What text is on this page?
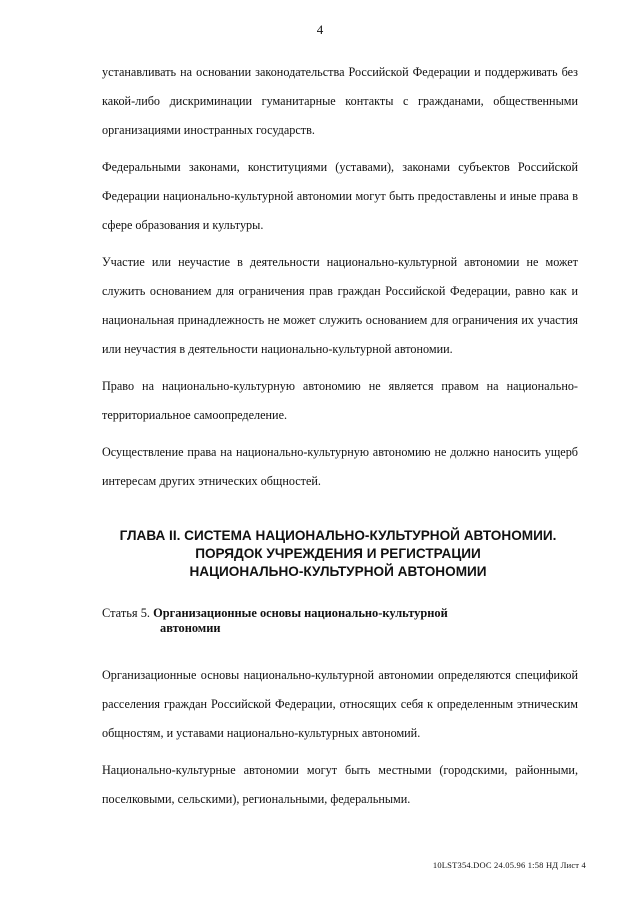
4

устанавливать на основании законодательства Российской Федерации и поддерживать без какой-либо дискриминации гуманитарные контакты с гражданами, общественными организациями иностранных государств.

Федеральными законами, конституциями (уставами), законами субъектов Российской Федерации национально-культурной автономии могут быть предоставлены и иные права в сфере образования и культуры.

Участие или неучастие в деятельности национально-культурной автономии не может служить основанием для ограничения прав граждан Российской Федерации, равно как и национальная принадлежность не может служить основанием для ограничения их участия или неучастия в деятельности национально-культурной автономии.

Право на национально-культурную автономию не является правом на национально-территориальное самоопределение.

Осуществление права на национально-культурную автономию не должно наносить ущерб интересам других этнических общностей.

ГЛАВА II. СИСТЕМА НАЦИОНАЛЬНО-КУЛЬТУРНОЙ АВТОНОМИИ.
ПОРЯДОК УЧРЕЖДЕНИЯ И РЕГИСТРАЦИИ
НАЦИОНАЛЬНО-КУЛЬТУРНОЙ АВТОНОМИИ
Статья 5. Организационные основы национально-культурной
автономии

Организационные основы национально-культурной автономии определяются спецификой расселения граждан Российской Федерации, относящих себя к определенным этническим общностям, и уставами национально-культурных автономий.

Национально-культурные автономии могут быть местными (городскими, районными, поселковыми, сельскими), региональными, федеральными.

10LST354.DOC 24.05.96 1:58 НД Лист 4
